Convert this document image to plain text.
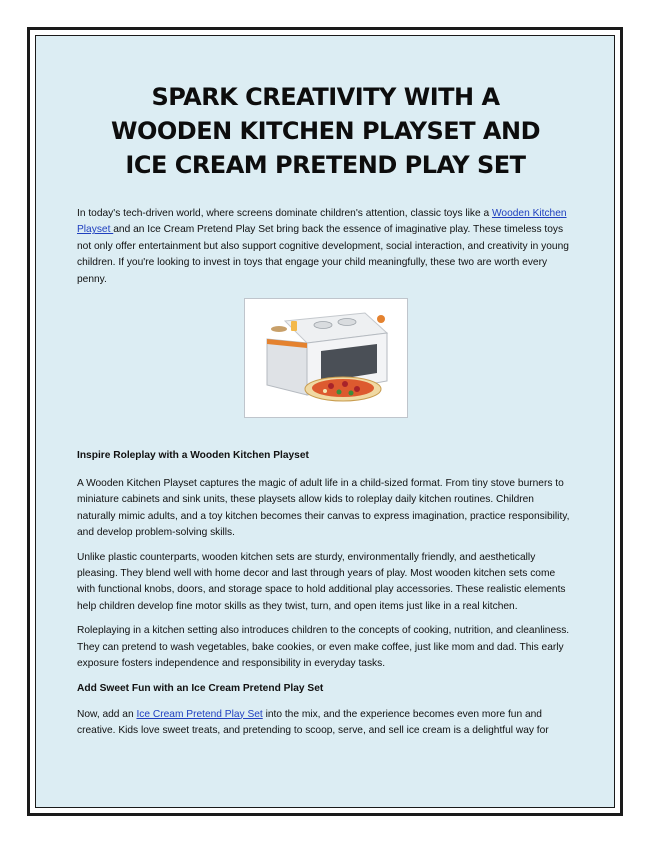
SPARK CREATIVITY WITH A WOODEN KITCHEN PLAYSET AND ICE CREAM PRETEND PLAY SET

In today's tech-driven world, where screens dominate children's attention, classic toys like a Wooden Kitchen Playset and an Ice Cream Pretend Play Set bring back the essence of imaginative play. These timeless toys not only offer entertainment but also support cognitive development, social interaction, and creativity in young children. If you're looking to invest in toys that engage your child meaningfully, these two are worth every penny.

Inspire Roleplay with a Wooden Kitchen Playset

A Wooden Kitchen Playset captures the magic of adult life in a child-sized format. From tiny stove burners to miniature cabinets and sink units, these playsets allow kids to roleplay daily kitchen routines. Children naturally mimic adults, and a toy kitchen becomes their canvas to express imagination, practice responsibility, and develop problem-solving skills.

Unlike plastic counterparts, wooden kitchen sets are sturdy, environmentally friendly, and aesthetically pleasing. They blend well with home decor and last through years of play. Most wooden kitchen sets come with functional knobs, doors, and storage space to hold additional play accessories. These realistic elements help children develop fine motor skills as they twist, turn, and open items just like in a real kitchen.

Roleplaying in a kitchen setting also introduces children to the concepts of cooking, nutrition, and cleanliness. They can pretend to wash vegetables, bake cookies, or even make coffee, just like mom and dad. This early exposure fosters independence and responsibility in everyday tasks.

Add Sweet Fun with an Ice Cream Pretend Play Set

Now, add an Ice Cream Pretend Play Set into the mix, and the experience becomes even more fun and creative. Kids love sweet treats, and pretending to scoop, serve, and sell ice cream is a delightful way for
